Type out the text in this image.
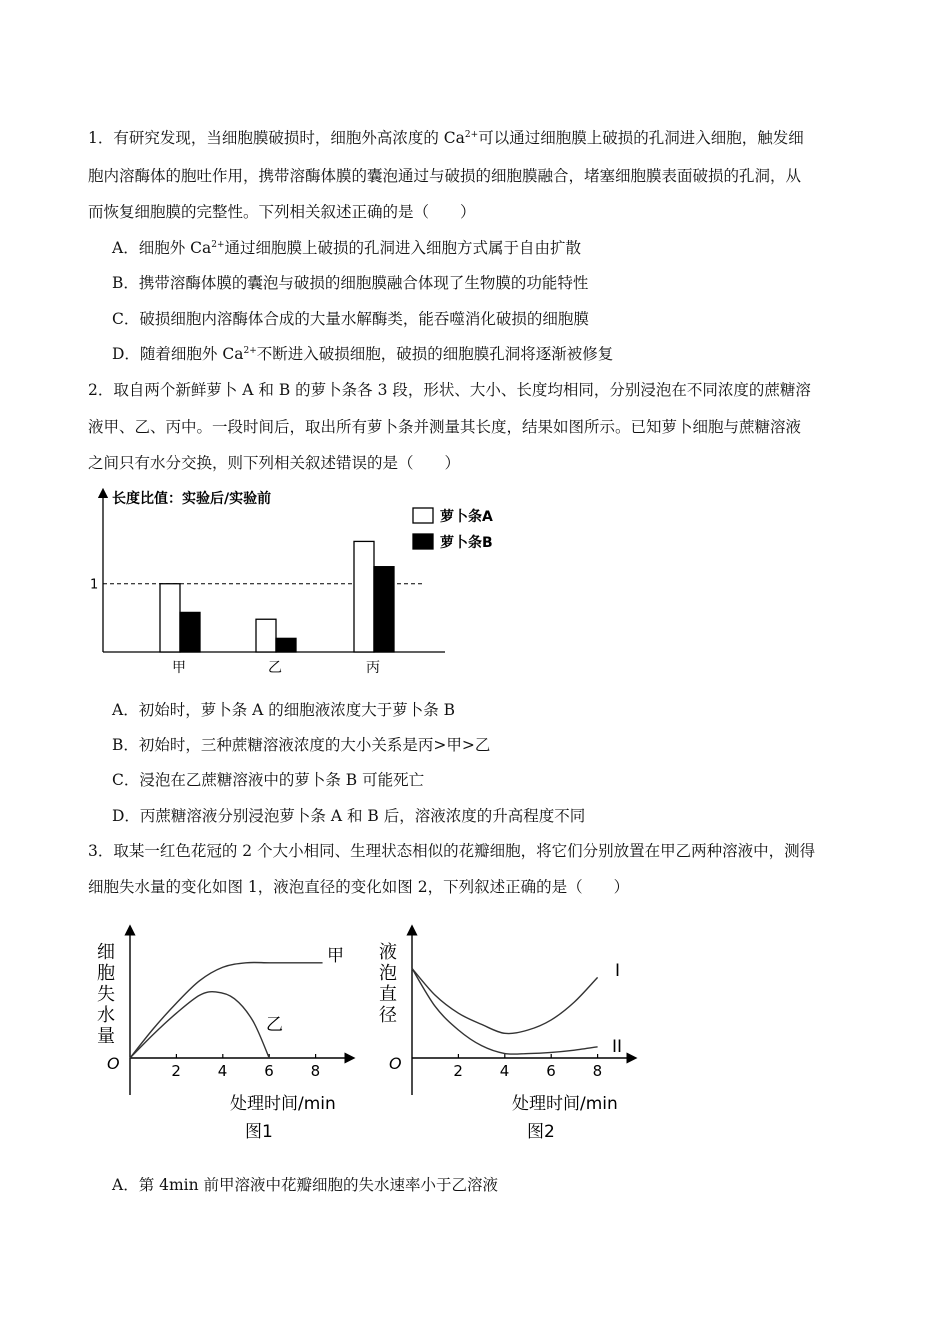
1．有研究发现，当细胞膜破损时，细胞外高浓度的 $Ca^{2+}$可以通过细胞膜上破损的孔洞进入细胞，触发细
胞内溶酶体的胞吐作用，携带溶酶体膜的囊泡通过与破损的细胞膜融合，堵塞细胞膜表面破损的孔洞，从
而恢复细胞膜的完整性。下列相关叙述正确的是（　　）
A．细胞外 $Ca^{2+}$通过细胞膜上破损的孔洞进入细胞方式属于自由扩散
B．携带溶酶体膜的囊泡与破损的细胞膜融合体现了生物膜的功能特性
C．破损细胞内溶酶体合成的大量水解酶类，能吞噬消化破损的细胞膜
D．随着细胞外 $Ca^{2+}$不断进入破损细胞，破损的细胞膜孔洞将逐渐被修复
2．取自两个新鲜萝卜 A 和 B 的萝卜条各 3 段，形状、大小、长度均相同，分别浸泡在不同浓度的蔗糖溶
液甲、乙、丙中。一段时间后，取出所有萝卜条并测量其长度，结果如图所示。已知萝卜细胞与蔗糖溶液
之间只有水分交换，则下列相关叙述错误的是（　　）
长度比值：实验后/实验前
1
甲	乙	丙
萝卜条A
萝卜条B
A．初始时，萝卜条 A 的细胞液浓度大于萝卜条 B
B．初始时，三种蔗糖溶液浓度的大小关系是丙>甲>乙
C．浸泡在乙蔗糖溶液中的萝卜条 B 可能死亡
D．丙蔗糖溶液分别浸泡萝卜条 A 和 B 后，溶液浓度的升高程度不同
3．取某一红色花冠的 2 个大小相同、生理状态相似的花瓣细胞，将它们分别放置在甲乙两种溶液中，测得
细胞失水量的变化如图 1，液泡直径的变化如图 2，下列叙述正确的是（　　）
细
胞
失
水
量
O	2 4 6 8
甲
乙
处理时间/min
图1
液
泡
直
径
O	2 4 6 8
I
II
处理时间/min
图2
A．第 4min 前甲溶液中花瓣细胞的失水速率小于乙溶液
